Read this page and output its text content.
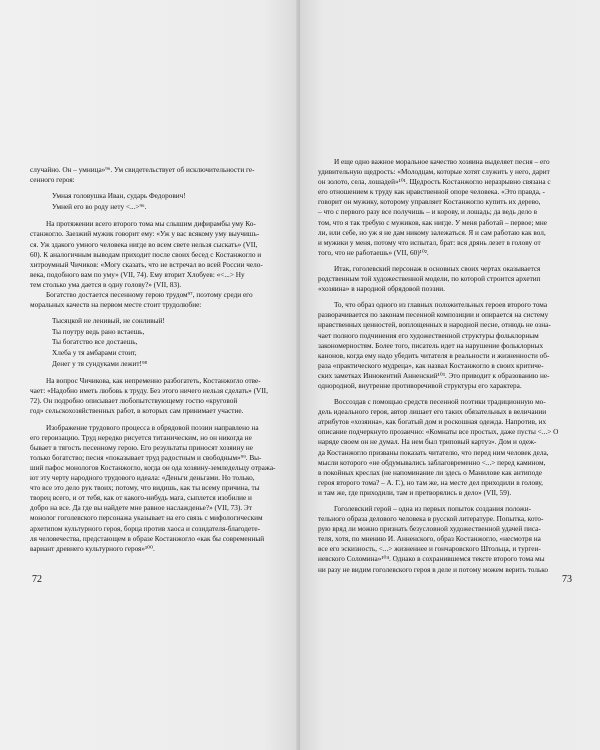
случайно. Он – умница»⁹⁶. Ум свидетельствует об исключительности ге-

сенного героя:

Умная головушка Иван, сударь Федорович!
Умней его во роду нету <...>⁹⁶.

На протяжении всего второго тома мы слышим дифирамбы уму Ко-

станжогло. Заезжий мужик говорит ему: «Уж у вас всякому уму выучишь-

ся. Уж здакого умного человека нигде во всем свете нельзя сыскать» (VII,

60). К аналогичным выводам приходит после своих бесед с Костанжогло и

хитроумный Чичиков: «Могу сказать, что не встречал во всей России чело-

века, подобного вам по уму» (VII, 74). Ему вторит Хлобуев: «<...> Ну

тем столько ума дается в одну голову?» (VII, 83).

Богатство достается песенному герою трудом⁹⁷, поэтому среди его

моральных качеств на первом месте стоит трудолюбие:

Тысяцкой не ленивый, не сонливый!
Ты поутру ведь рано встаешь,
Ты богатство все достаешь,
Хлеба у тя амбарами стоит,
Денег у тя сундуками лежит!⁹⁸

На вопрос Чичикова, как непременно разбогатеть, Костанжогло отве-

чает: «Надобно иметь любовь к труду. Без этого ничего нельзя сделать» (VII,

72). Он подробно описывает любопытствующему гостю «круговой

год» сельскохозяйственных работ, в которых сам принимает участие.

Изображение трудового процесса в обрядовой поэзии направлено на

его героизацию. Труд нередко рисуется титаническим, но он никогда не

бывает в тягость песенному герою. Его результаты приносят хозяину не

только богатство; песня «показывает труд радостным и свободным»⁹⁹. Вы-

ший пафос монологов Костанжогло, когда он ода хозяину-земледельцу отража-

ют эту черту народного трудового идеала: «Деньги деньгами. Но только,

что все это дело рук твоих; потому, что видишь, как ты всему причина, ты

творец всего, и от тебя, как от какого-нибудь мага, сыплется изобилие и

добро на все. Да где вы найдете мне равное наслажденье?» (VII, 73). Эт

монолог гоголевского персонажа указывает на его связь с мифологическим

архетипом культурного героя, борца против хаоса и созидателя-благодете-

ля человечества, предстающем в образе Костанжогло «как бы современный

вариант древнего культурного героя»¹⁰⁰.

72

И еще одно важное моральное качество хозяина выделяет песня – его

удивительную щедрость: «Молодцам, которые хотят служить у него, дарит

он золото, села, лошадей»¹⁰¹. Щедрость Костанжогло неразрывно связана с

его отношением к труду как нравственной опоре человека. «Это правда, -

говорит он мужику, которому управляет Костанжогло купить их дерево,

– что с первого разу все получишь – и корову, и лошадь; да ведь дело в

том, что я так требую с мужиков, как нигде. У меня работай – первое; мне

ли, или себе, но уж я не дам никому залежаться. Я и сам работаю как вол,

и мужики у меня, потому что испытал, брат: вся дрянь лезет в голову от

того, что не работаешь» (VII, 60)¹⁰².

Итак, гоголевский персонаж в основных своих чертах оказывается

родственным той художественной модели, по которой строится архетип

«хозяина» в народной обрядовой поэзии.

То, что образ одного из главных положительных героев второго тома

разворачивается по законам песенной композиции и опирается на систему

нравственных ценностей, воплощенных в народной песне, отнюдь не озна-

чает полного подчинения его художественной структуры фольклорным

закономерностям. Более того, писатель идет на нарушение фольклорных

канонов, когда ему надо убедить читателя в реальности и жизненности об-

раза «практического мудреца», как назвал Костанжогло в своих критиче-

ских заметках Иннокентий Анненский¹⁰³. Это приводит к образованию не-

однородной, внутренне противоречивой структуры его характера.

Воссоздав с помощью средств песенной поэтики традиционную мо-

дель идеального героя, автор лишает его таких обязательных в величании

атрибутов «хозяина», как богатый дом и роскошная одежда. Напротив, их

описание подчеркнуто прозаично: «Комнаты все простых, даже пусты <...> О

наряде своем он не думал. На нем был триповый картуз». Дом и одеж-

да Костанжогло призваны показать читателю, что перед ним человек дела,

мысли которого «не обдумывались заблаговременно <...> перед камином,

в покойных креслах (не напоминание ли здесь о Манилове как антиподе

героя второго тома? – А. Г.), но там же, на месте дел приходили в голову,

и там же, где приходили, там и претворялись в дело» (VII, 59).

Гоголевский герой – одна из первых попыток создания положи-

тельного образа делового человека в русской литературе. Попытка, кото-

рую вряд ли можно признать безусловной художественной удачей писа-

теля, хотя, по мнению И. Анненского, образ Костанжогло, «несмотря на

все его эскизность, <...> жизненнее и гончаровского Штольца, и тургеи-

невского Соломина»¹⁰⁴. Однако в сохранившемся тексте второго тома мы

ни разу не видим гоголевского героя в деле и потому можем верить только

73
